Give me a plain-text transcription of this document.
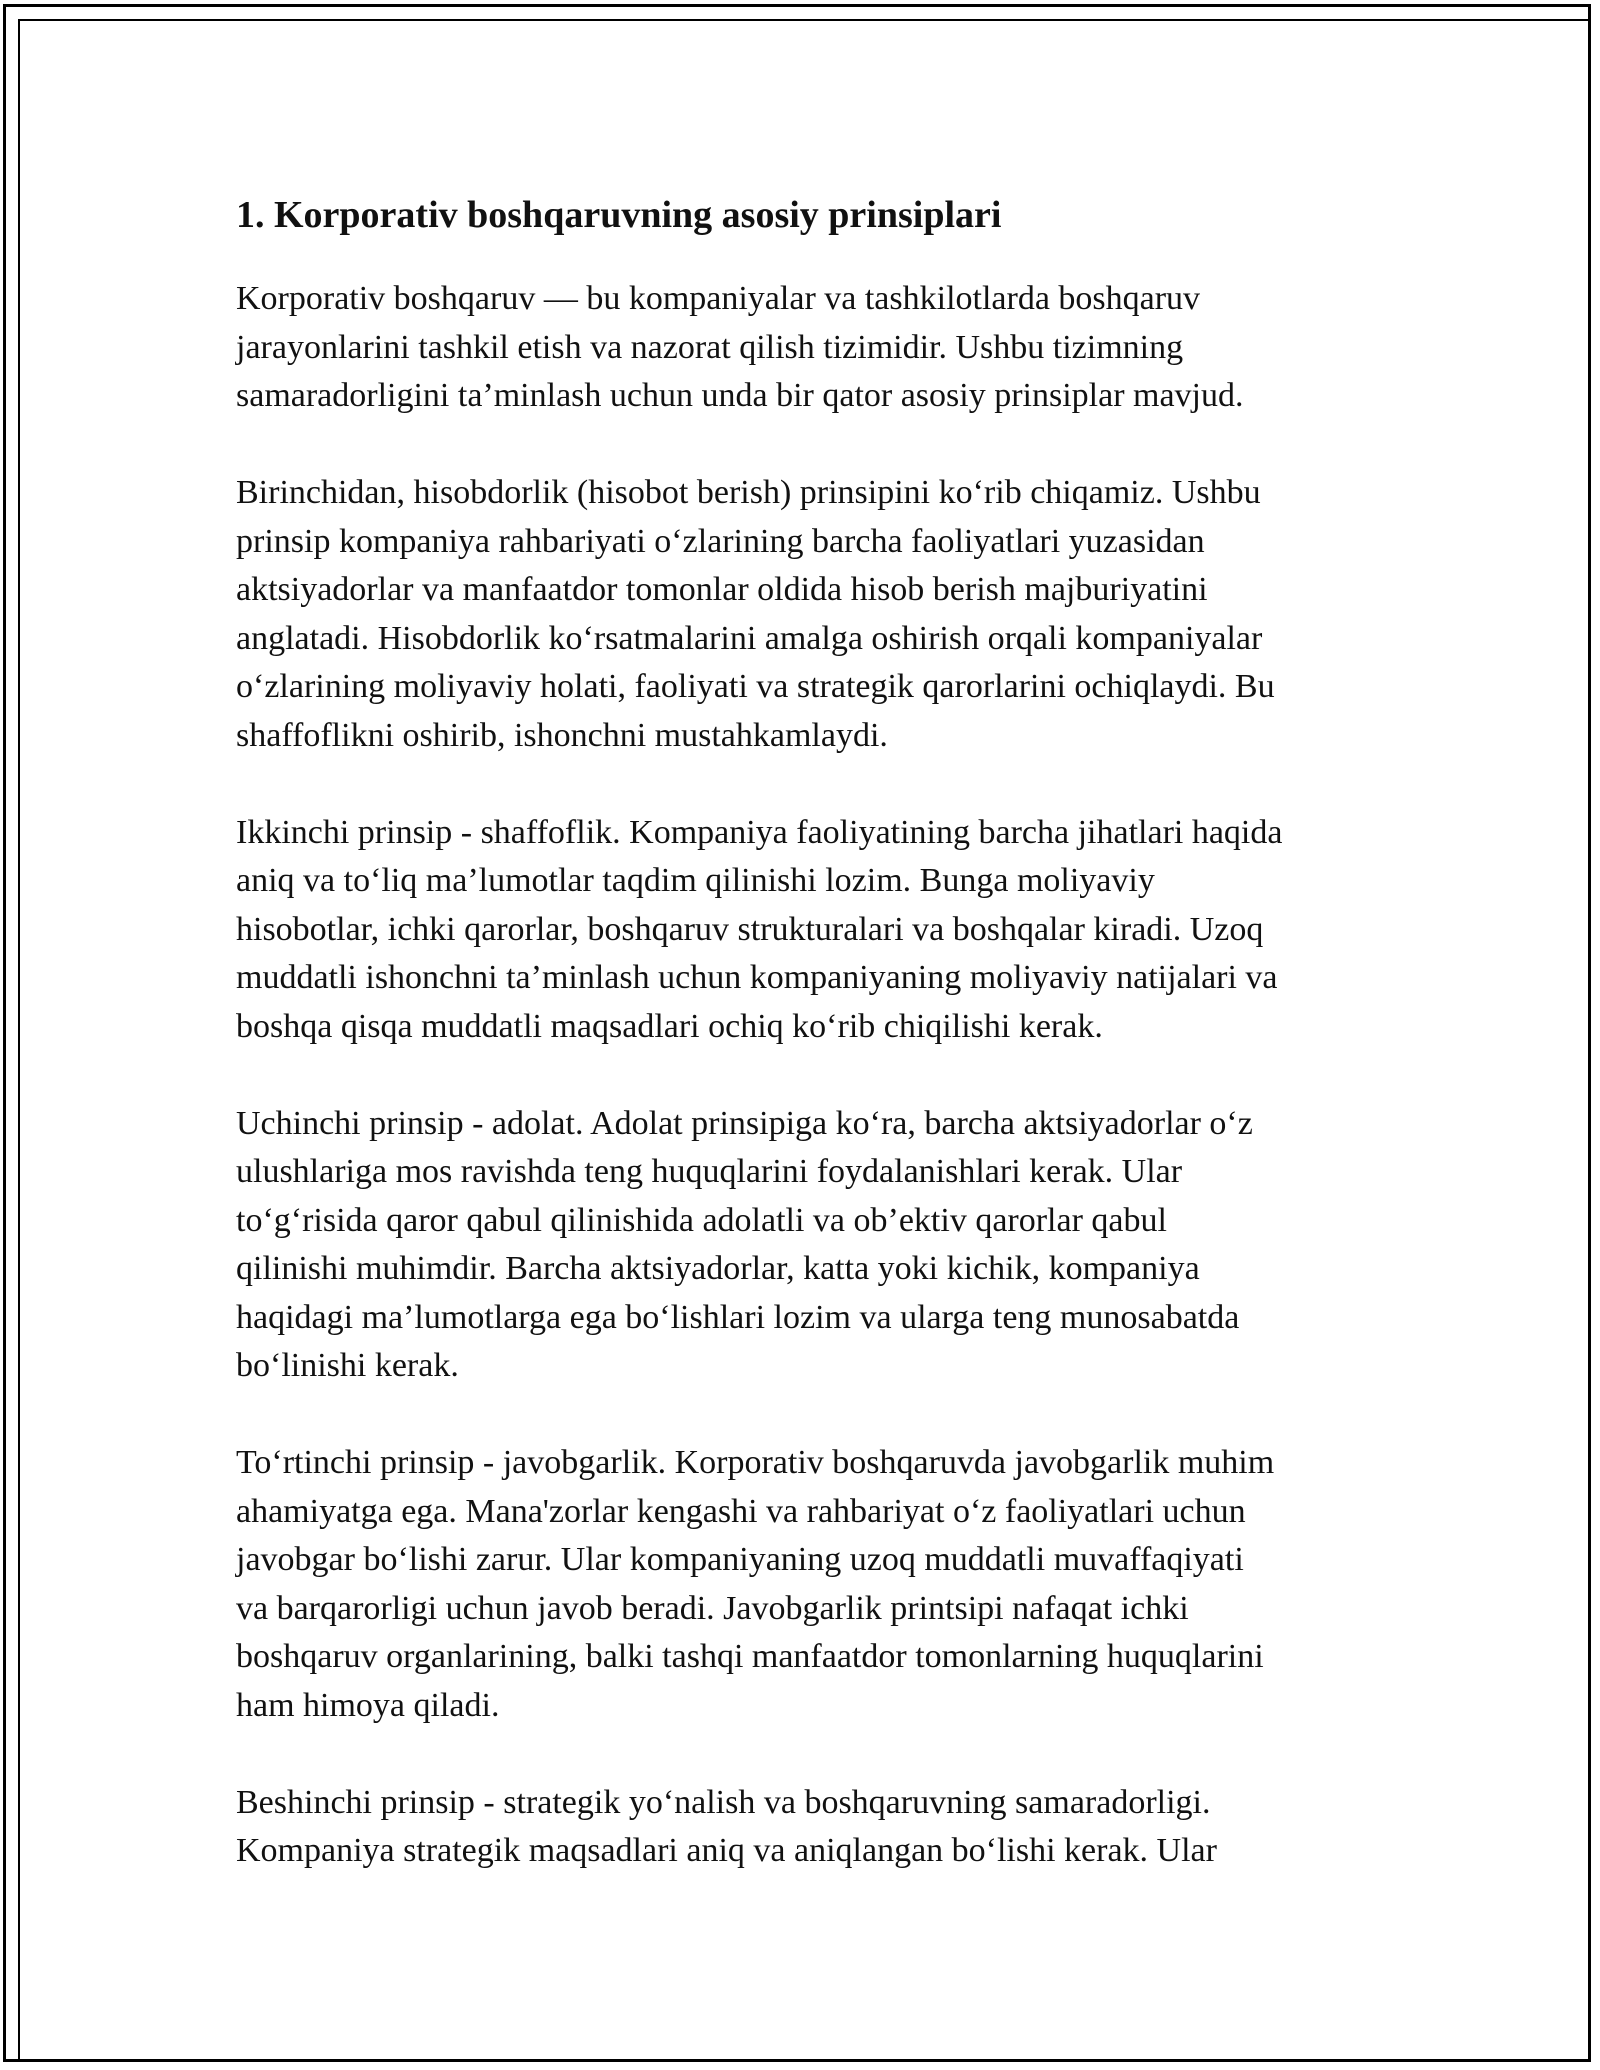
1. Korporativ boshqaruvning asosiy prinsiplari

Korporativ boshqaruv — bu kompaniyalar va tashkilotlarda boshqaruv
jarayonlarini tashkil etish va nazorat qilish tizimidir. Ushbu tizimning
samaradorligini ta’minlash uchun unda bir qator asosiy prinsiplar mavjud.

Birinchidan, hisobdorlik (hisobot berish) prinsipini ko‘rib chiqamiz. Ushbu
prinsip kompaniya rahbariyati o‘zlarining barcha faoliyatlari yuzasidan
aktsiyadorlar va manfaatdor tomonlar oldida hisob berish majburiyatini
anglatadi. Hisobdorlik ko‘rsatmalarini amalga oshirish orqali kompaniyalar
o‘zlarining moliyaviy holati, faoliyati va strategik qarorlarini ochiqlaydi. Bu
shaffoflikni oshirib, ishonchni mustahkamlaydi.

Ikkinchi prinsip - shaffoflik. Kompaniya faoliyatining barcha jihatlari haqida
aniq va to‘liq ma’lumotlar taqdim qilinishi lozim. Bunga moliyaviy
hisobotlar, ichki qarorlar, boshqaruv strukturalari va boshqalar kiradi. Uzoq
muddatli ishonchni ta’minlash uchun kompaniyaning moliyaviy natijalari va
boshqa qisqa muddatli maqsadlari ochiq ko‘rib chiqilishi kerak.

Uchinchi prinsip - adolat. Adolat prinsipiga ko‘ra, barcha aktsiyadorlar o‘z
ulushlariga mos ravishda teng huquqlarini foydalanishlari kerak. Ular
to‘g‘risida qaror qabul qilinishida adolatli va ob’ektiv qarorlar qabul
qilinishi muhimdir. Barcha aktsiyadorlar, katta yoki kichik, kompaniya
haqidagi ma’lumotlarga ega bo‘lishlari lozim va ularga teng munosabatda
bo‘linishi kerak.

To‘rtinchi prinsip - javobgarlik. Korporativ boshqaruvda javobgarlik muhim
ahamiyatga ega. Mana'zorlar kengashi va rahbariyat o‘z faoliyatlari uchun
javobgar bo‘lishi zarur. Ular kompaniyaning uzoq muddatli muvaffaqiyati
va barqarorligi uchun javob beradi. Javobgarlik printsipi nafaqat ichki
boshqaruv organlarining, balki tashqi manfaatdor tomonlarning huquqlarini
ham himoya qiladi.

Beshinchi prinsip - strategik yo‘nalish va boshqaruvning samaradorligi.
Kompaniya strategik maqsadlari aniq va aniqlangan bo‘lishi kerak. Ular
